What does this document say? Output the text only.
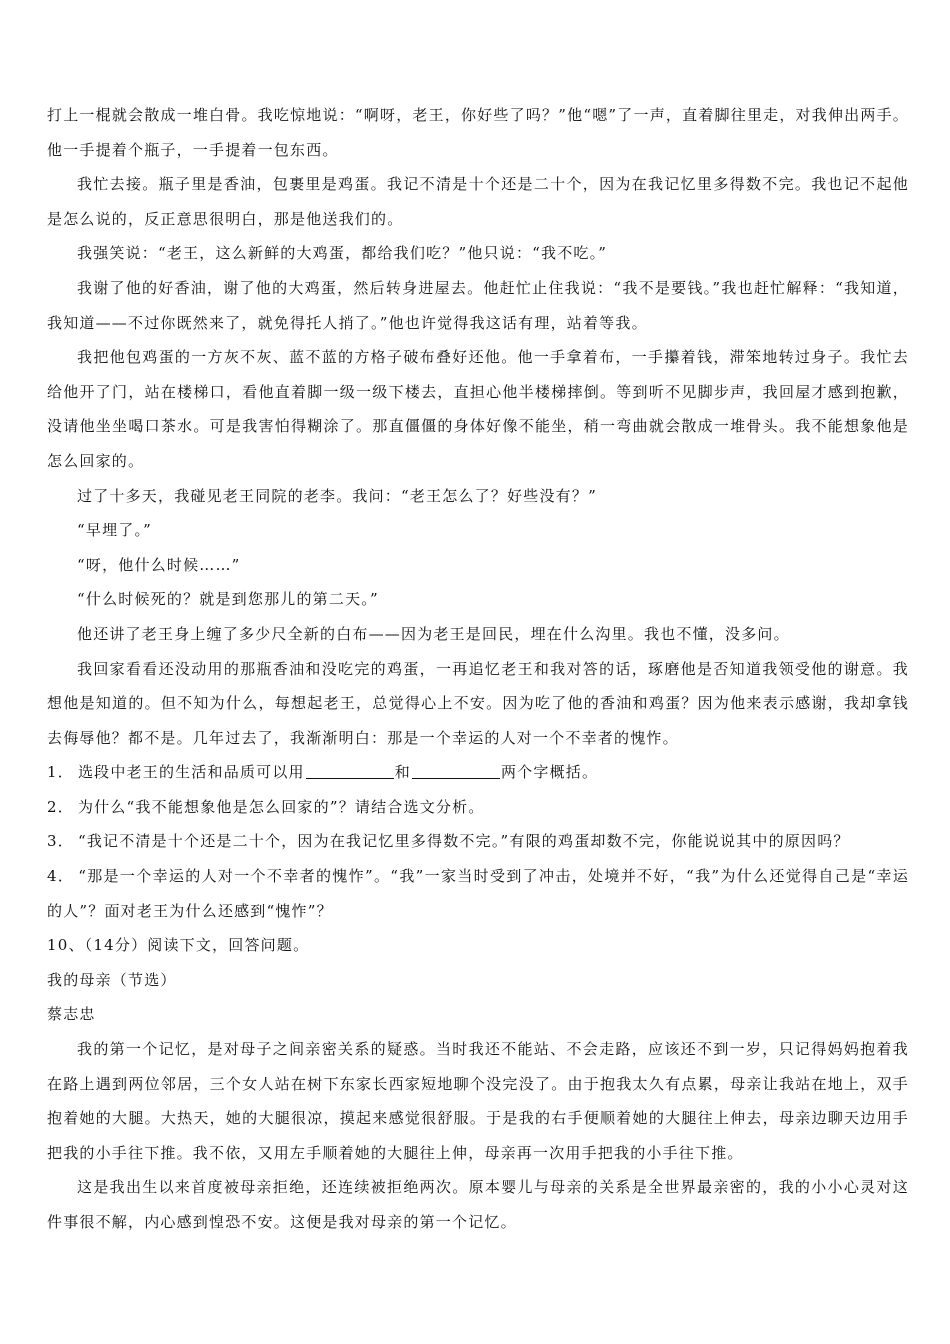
打上一棍就会散成一堆白骨。我吃惊地说：“啊呀，老王，你好些了吗？”他“嗯”了一声，直着脚往里走，对我伸出两手。他一手提着个瓶子，一手提着一包东西。

我忙去接。瓶子里是香油，包裹里是鸡蛋。我记不清是十个还是二十个，因为在我记忆里多得数不完。我也记不起他是怎么说的，反正意思很明白，那是他送我们的。

我强笑说：“老王，这么新鲜的大鸡蛋，都给我们吃？”他只说：“我不吃。”

我谢了他的好香油，谢了他的大鸡蛋，然后转身进屋去。他赶忙止住我说：“我不是要钱。”我也赶忙解释：“我知道，我知道——不过你既然来了，就免得托人捎了。”他也许觉得我这话有理，站着等我。

我把他包鸡蛋的一方灰不灰、蓝不蓝的方格子破布叠好还他。他一手拿着布，一手攥着钱，滞笨地转过身子。我忙去给他开了门，站在楼梯口，看他直着脚一级一级下楼去，直担心他半楼梯摔倒。等到听不见脚步声，我回屋才感到抱歉，没请他坐坐喝口茶水。可是我害怕得糊涂了。那直僵僵的身体好像不能坐，稍一弯曲就会散成一堆骨头。我不能想象他是怎么回家的。

过了十多天，我碰见老王同院的老李。我问：“老王怎么了？好些没有？”

“早埋了。”

“呀，他什么时候……”

“什么时候死的？就是到您那儿的第二天。”

他还讲了老王身上缠了多少尺全新的白布——因为老王是回民，埋在什么沟里。我也不懂，没多问。

我回家看看还没动用的那瓶香油和没吃完的鸡蛋，一再追忆老王和我对答的话，琢磨他是否知道我领受他的谢意。我想他是知道的。但不知为什么，每想起老王，总觉得心上不安。因为吃了他的香油和鸡蛋？因为他来表示感谢，我却拿钱去侮辱他？都不是。几年过去了，我渐渐明白：那是一个幸运的人对一个不幸者的愧怍。

1． 选段中老王的生活和品质可以用	和	两个字概括。

2． 为什么“我不能想象他是怎么回家的”？请结合选文分析。

3． “我记不清是十个还是二十个，因为在我记忆里多得数不完。”有限的鸡蛋却数不完，你能说说其中的原因吗？

4． “那是一个幸运的人对一个不幸者的愧怍”。“我”一家当时受到了冲击，处境并不好，“我”为什么还觉得自己是“幸运的人”？面对老王为什么还感到“愧怍”？

10、（14分）阅读下文，回答问题。

我的母亲（节选）

蔡志忠

我的第一个记忆，是对母子之间亲密关系的疑惑。当时我还不能站、不会走路，应该还不到一岁，只记得妈妈抱着我在路上遇到两位邻居，三个女人站在树下东家长西家短地聊个没完没了。由于抱我太久有点累，母亲让我站在地上，双手抱着她的大腿。大热天，她的大腿很凉，摸起来感觉很舒服。于是我的右手便顺着她的大腿往上伸去，母亲边聊天边用手把我的小手往下推。我不依，又用左手顺着她的大腿往上伸，母亲再一次用手把我的小手往下推。

这是我出生以来首度被母亲拒绝，还连续被拒绝两次。原本婴儿与母亲的关系是全世界最亲密的，我的小小心灵对这件事很不解，内心感到惶恐不安。这便是我对母亲的第一个记忆。
